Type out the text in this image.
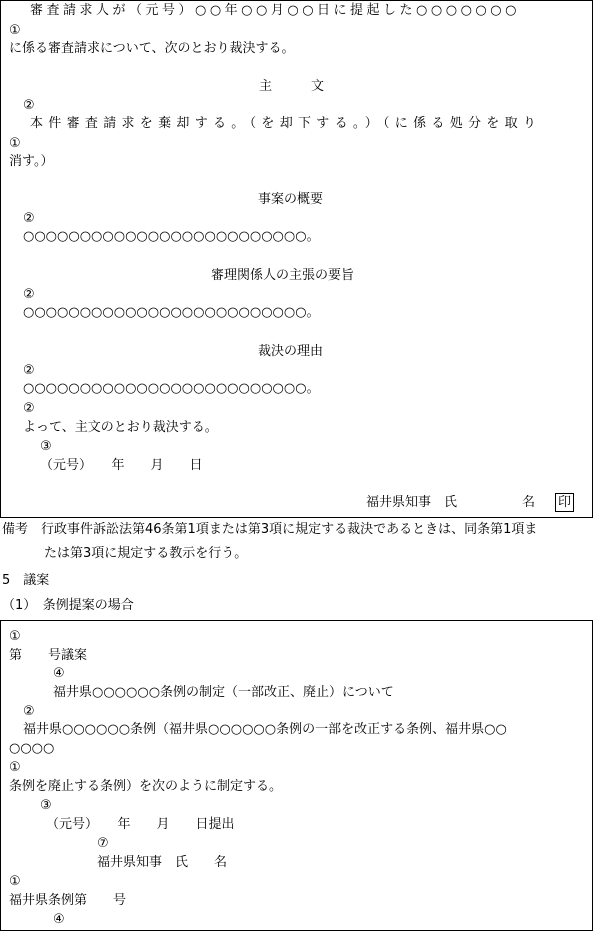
審査請求人が（元号）○○年○○月○○日に提起した○○○○○○○
①
に係る審査請求について、次のとおり裁決する。
主　　　文
②
本件審査請求を棄却する。（を却下する。）（に係る処分を取り
①
消す。）
事案の概要
②
○○○○○○○○○○○○○○○○○○○○○○○○○。
審理関係人の主張の要旨
②
○○○○○○○○○○○○○○○○○○○○○○○○○。
裁決の理由
②
○○○○○○○○○○○○○○○○○○○○○○○○○。
②
よって、主文のとおり裁決する。
③
（元号）　　年　　月　　日
福井県知事　氏　　　　　名 印
備考　行政事件訴訟法第46条第1項または第3項に規定する裁決であるときは、同条第1項ま
たは第3項に規定する教示を行う。
5　議案
（1）　条例提案の場合
①
第　　号議案
④
福井県○○○○○○条例の制定（一部改正、廃止）について
②
福井県○○○○○○条例（福井県○○○○○○条例の一部を改正する条例、福井県○○
○○○○
①
条例を廃止する条例）を次のように制定する。
③
（元号）　　年　　月　　日提出
⑦
福井県知事　氏　　名
①
福井県条例第　　号
④
